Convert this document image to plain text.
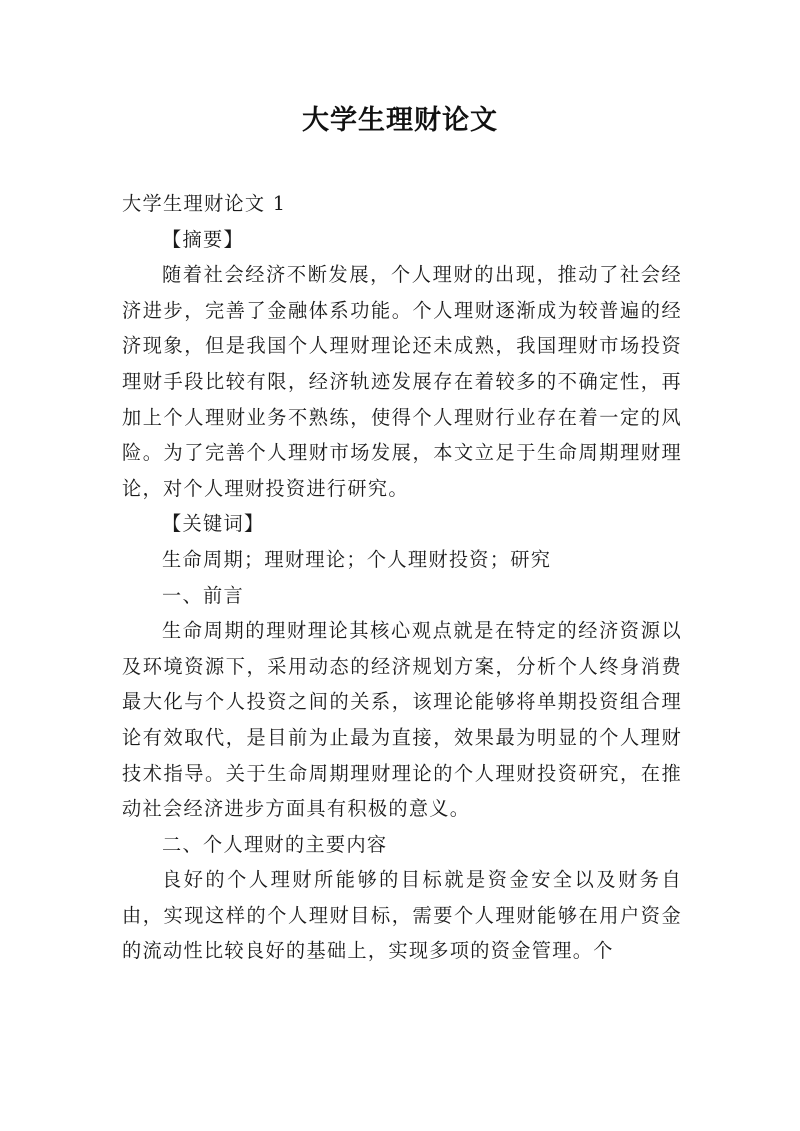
大学生理财论文

大学生理财论文 1

【摘要】

随着社会经济不断发展，个人理财的出现，推动了社会经济进步，完善了金融体系功能。个人理财逐渐成为较普遍的经济现象，但是我国个人理财理论还未成熟，我国理财市场投资理财手段比较有限，经济轨迹发展存在着较多的不确定性，再加上个人理财业务不熟练，使得个人理财行业存在着一定的风险。为了完善个人理财市场发展，本文立足于生命周期理财理论，对个人理财投资进行研究。

【关键词】

生命周期；理财理论；个人理财投资；研究

一、前言

生命周期的理财理论其核心观点就是在特定的经济资源以及环境资源下，采用动态的经济规划方案，分析个人终身消费最大化与个人投资之间的关系，该理论能够将单期投资组合理论有效取代，是目前为止最为直接，效果最为明显的个人理财技术指导。关于生命周期理财理论的个人理财投资研究，在推动社会经济进步方面具有积极的意义。

二、个人理财的主要内容

良好的个人理财所能够的目标就是资金安全以及财务自由，实现这样的个人理财目标，需要个人理财能够在用户资金的流动性比较良好的基础上，实现多项的资金管理。个
